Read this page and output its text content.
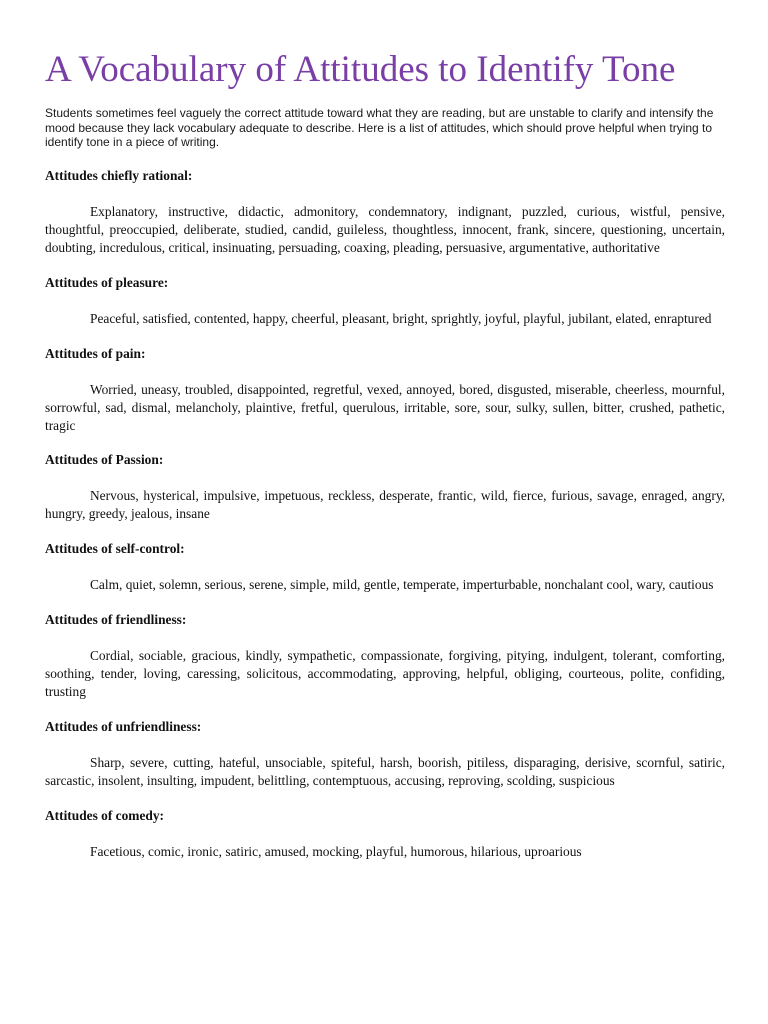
A Vocabulary of Attitudes to Identify Tone

Students sometimes feel vaguely the correct attitude toward what they are reading, but are unstable to clarify and intensify the mood because they lack vocabulary adequate to describe. Here is a list of attitudes, which should prove helpful when trying to identify tone in a piece of writing.

Attitudes chiefly rational:

Explanatory, instructive, didactic, admonitory, condemnatory, indignant, puzzled, curious, wistful, pensive, thoughtful, preoccupied, deliberate, studied, candid, guileless, thoughtless, innocent, frank, sincere, questioning, uncertain, doubting, incredulous, critical, insinuating, persuading, coaxing, pleading, persuasive, argumentative, authoritative

Attitudes of pleasure:

Peaceful, satisfied, contented, happy, cheerful, pleasant, bright, sprightly, joyful, playful, jubilant, elated, enraptured

Attitudes of pain:

Worried, uneasy, troubled, disappointed, regretful, vexed, annoyed, bored, disgusted, miserable, cheerless, mournful, sorrowful, sad, dismal, melancholy, plaintive, fretful, querulous, irritable, sore, sour, sulky, sullen, bitter, crushed, pathetic, tragic

Attitudes of Passion:

Nervous, hysterical, impulsive, impetuous, reckless, desperate, frantic, wild, fierce, furious, savage, enraged, angry, hungry, greedy, jealous, insane

Attitudes of self-control:

Calm, quiet, solemn, serious, serene, simple, mild, gentle, temperate, imperturbable, nonchalant cool, wary, cautious

Attitudes of friendliness:

Cordial, sociable, gracious, kindly, sympathetic, compassionate, forgiving, pitying, indulgent, tolerant, comforting, soothing, tender, loving, caressing, solicitous, accommodating, approving, helpful, obliging, courteous, polite, confiding, trusting

Attitudes of unfriendliness:

Sharp, severe, cutting, hateful, unsociable, spiteful, harsh, boorish, pitiless, disparaging, derisive, scornful, satiric, sarcastic, insolent, insulting, impudent, belittling, contemptuous, accusing, reproving, scolding, suspicious

Attitudes of comedy:

Facetious, comic, ironic, satiric, amused, mocking, playful, humorous, hilarious, uproarious
